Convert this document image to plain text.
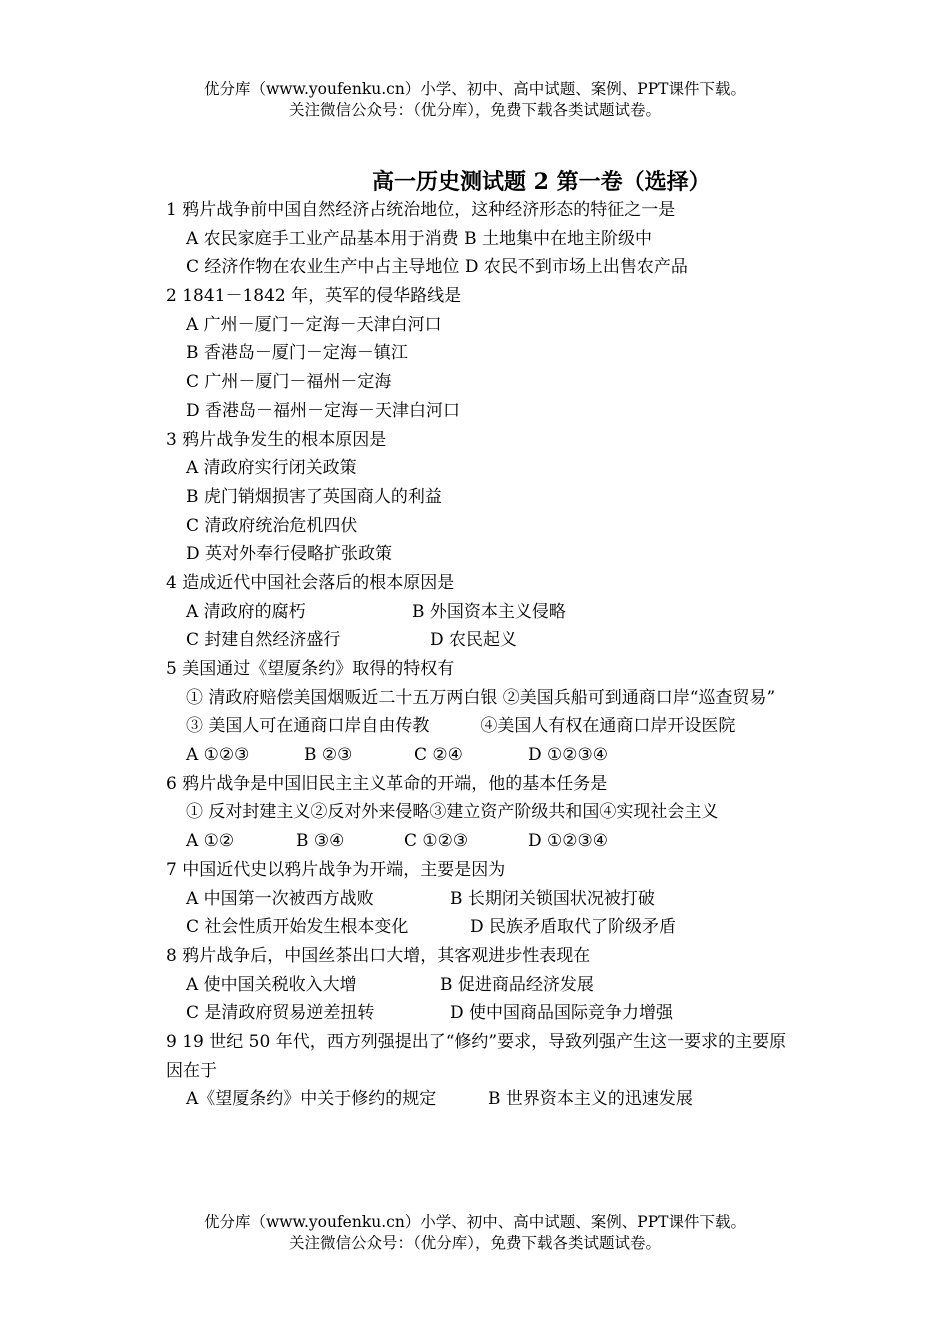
优分库（www.youfenku.cn）小学、初中、高中试题、案例、PPT课件下载。
关注微信公众号：（优分库），免费下载各类试题试卷。
高一历史测试题 2 第一卷（选择）
1 鸦片战争前中国自然经济占统治地位，这种经济形态的特征之一是
A 农民家庭手工业产品基本用于消费 B 土地集中在地主阶级中
C 经济作物在农业生产中占主导地位 D 农民不到市场上出售农产品
2 1841－1842 年，英军的侵华路线是
A 广州－厦门－定海－天津白河口
B 香港岛－厦门－定海－镇江
C 广州－厦门－福州－定海
D 香港岛－福州－定海－天津白河口
3 鸦片战争发生的根本原因是
A 清政府实行闭关政策
B 虎门销烟损害了英国商人的利益
C 清政府统治危机四伏
D 英对外奉行侵略扩张政策
4 造成近代中国社会落后的根本原因是
A 清政府的腐朽	B 外国资本主义侵略
C 封建自然经济盛行	D 农民起义
5 美国通过《望厦条约》取得的特权有
① 清政府赔偿美国烟贩近二十五万两白银 ②美国兵船可到通商口岸“巡查贸易”
③ 美国人可在通商口岸自由传教　　　④美国人有权在通商口岸开设医院
A ①②③	B ②③	C ②④	D ①②③④
6 鸦片战争是中国旧民主主义革命的开端，他的基本任务是
① 反对封建主义②反对外来侵略③建立资产阶级共和国④实现社会主义
A ①②	B ③④	C ①②③	D ①②③④
7 中国近代史以鸦片战争为开端，主要是因为
A 中国第一次被西方战败	B 长期闭关锁国状况被打破
C 社会性质开始发生根本变化	D 民族矛盾取代了阶级矛盾
8 鸦片战争后，中国丝茶出口大增，其客观进步性表现在
A 使中国关税收入大增	B 促进商品经济发展
C 是清政府贸易逆差扭转	D 使中国商品国际竞争力增强
9 19 世纪 50 年代，西方列强提出了“修约”要求，导致列强产生这一要求的主要原因在于
A《望厦条约》中关于修约的规定	B 世界资本主义的迅速发展
优分库（www.youfenku.cn）小学、初中、高中试题、案例、PPT课件下载。
关注微信公众号：（优分库），免费下载各类试题试卷。
